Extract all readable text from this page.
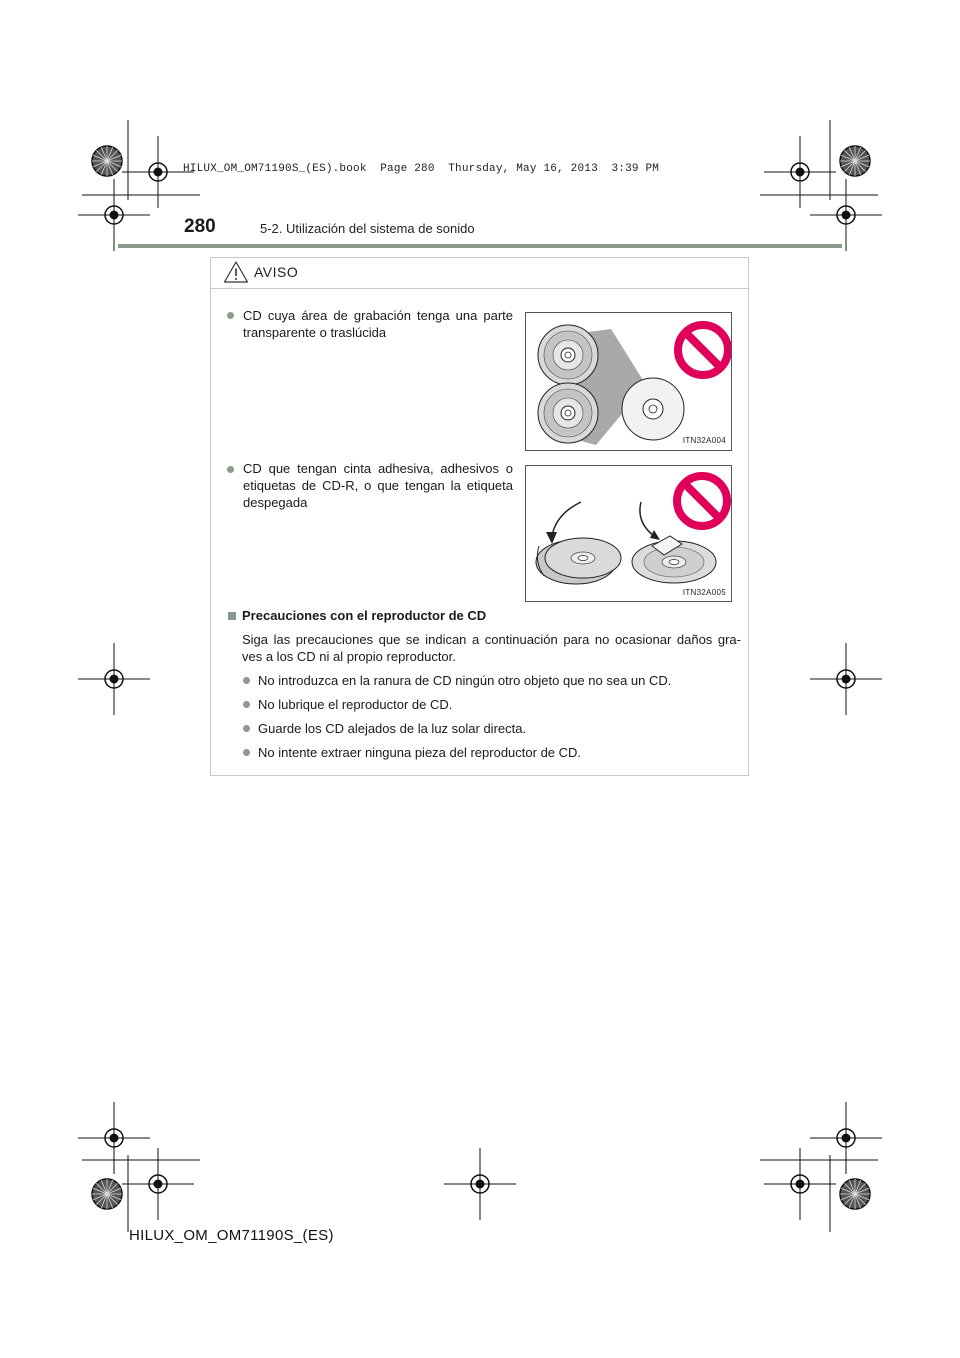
HILUX_OM_OM71190S_(ES).book  Page 280  Thursday, May 16, 2013  3:39 PM
280	5-2. Utilización del sistema de sonido
AVISO
CD cuya área de grabación tenga una parte
transparente o traslúcida
ITN32A004
CD que tengan cinta adhesiva, adhesivos o
etiquetas de CD-R, o que tengan la etiqueta
despegada
ITN32A005
Precauciones con el reproductor de CD
Siga las precauciones que se indican a continuación para no ocasionar daños gra-
ves a los CD ni al propio reproductor.
No introduzca en la ranura de CD ningún otro objeto que no sea un CD.
No lubrique el reproductor de CD.
Guarde los CD alejados de la luz solar directa.
No intente extraer ninguna pieza del reproductor de CD.
HILUX_OM_OM71190S_(ES)
